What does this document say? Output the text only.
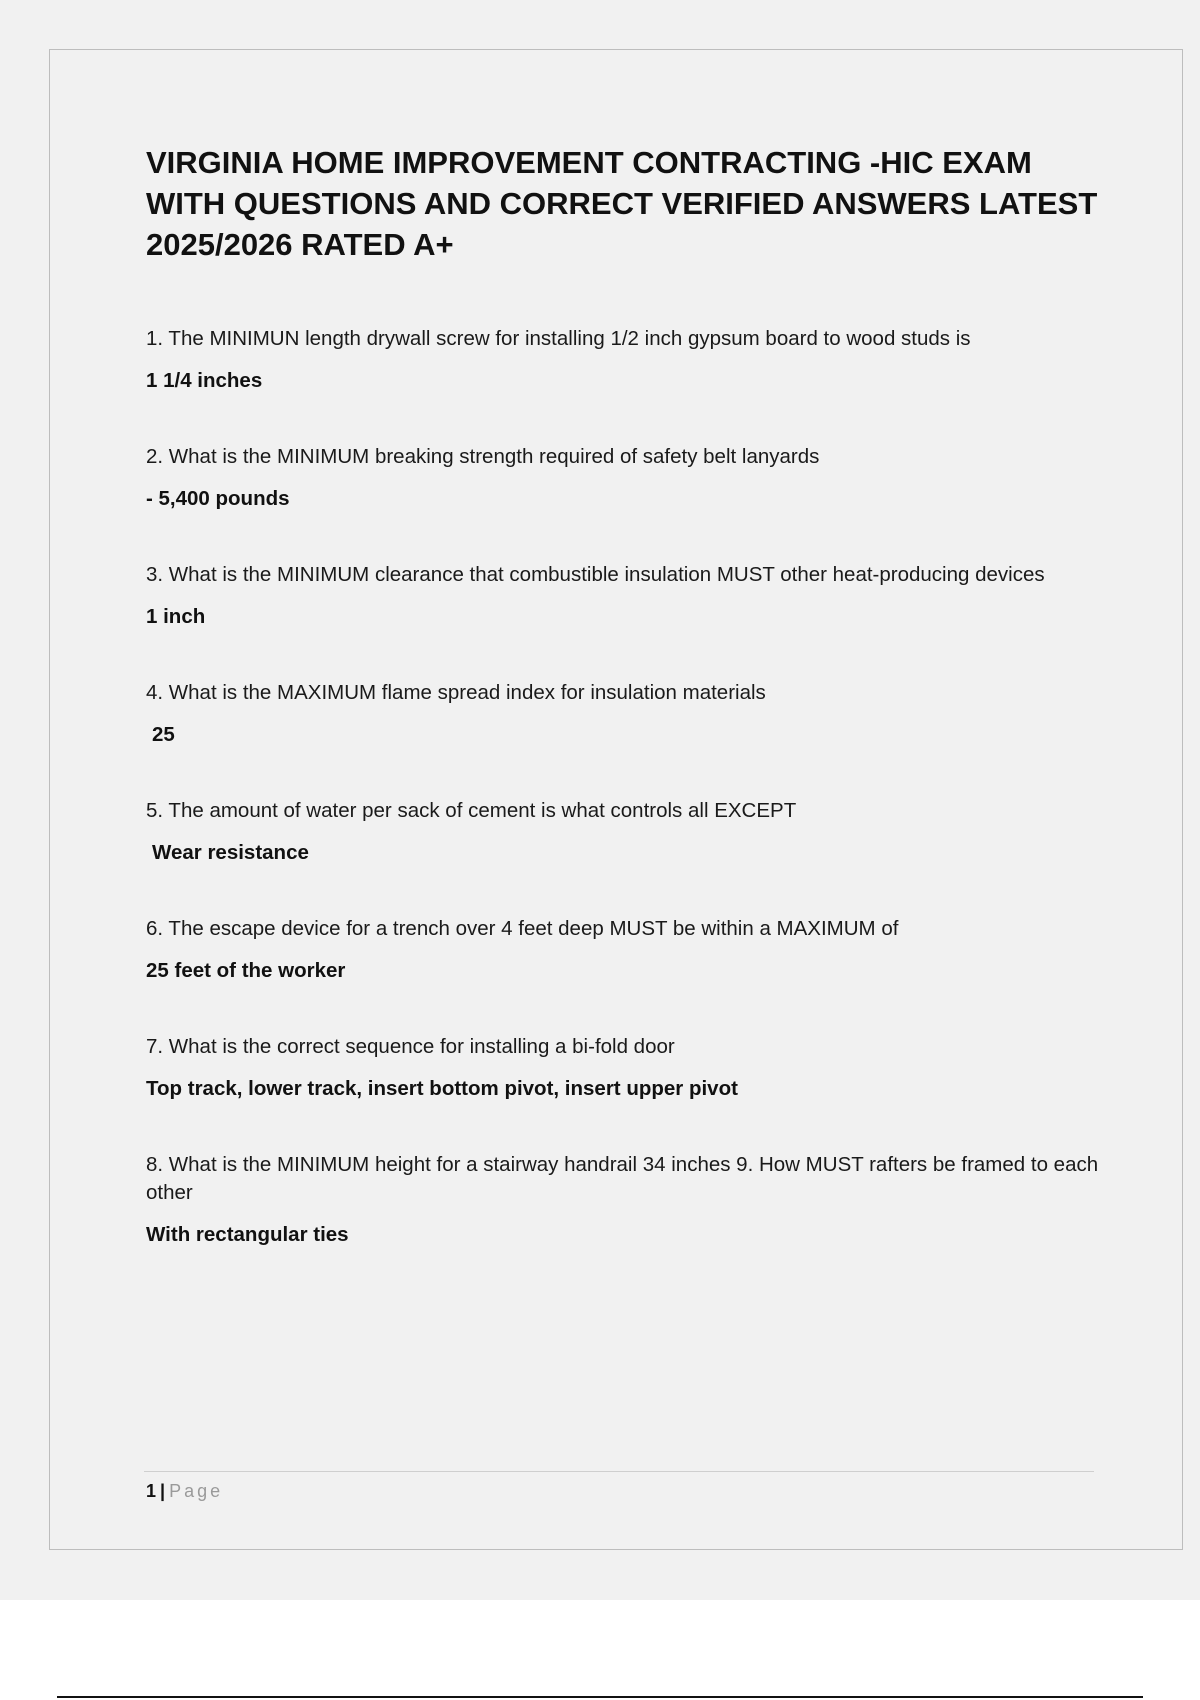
VIRGINIA HOME IMPROVEMENT CONTRACTING -HIC EXAM WITH QUESTIONS AND CORRECT VERIFIED ANSWERS LATEST 2025/2026 RATED A+

1. The MINIMUN length drywall screw for installing 1/2 inch gypsum board to wood studs is

1 1/4 inches

2. What is the MINIMUM breaking strength required of safety belt lanyards

- 5,400 pounds

3. What is the MINIMUM clearance that combustible insulation MUST other heat-producing devices

1 inch

4. What is the MAXIMUM flame spread index for insulation materials

25

5. The amount of water per sack of cement is what controls all EXCEPT

Wear resistance

6. The escape device for a trench over 4 feet deep MUST be within a MAXIMUM of

25 feet of the worker

7. What is the correct sequence for installing a bi-fold door

Top track, lower track, insert bottom pivot, insert upper pivot

8. What is the MINIMUM height for a stairway handrail 34 inches 9. How MUST rafters be framed to each other

With rectangular ties

1 | Page
